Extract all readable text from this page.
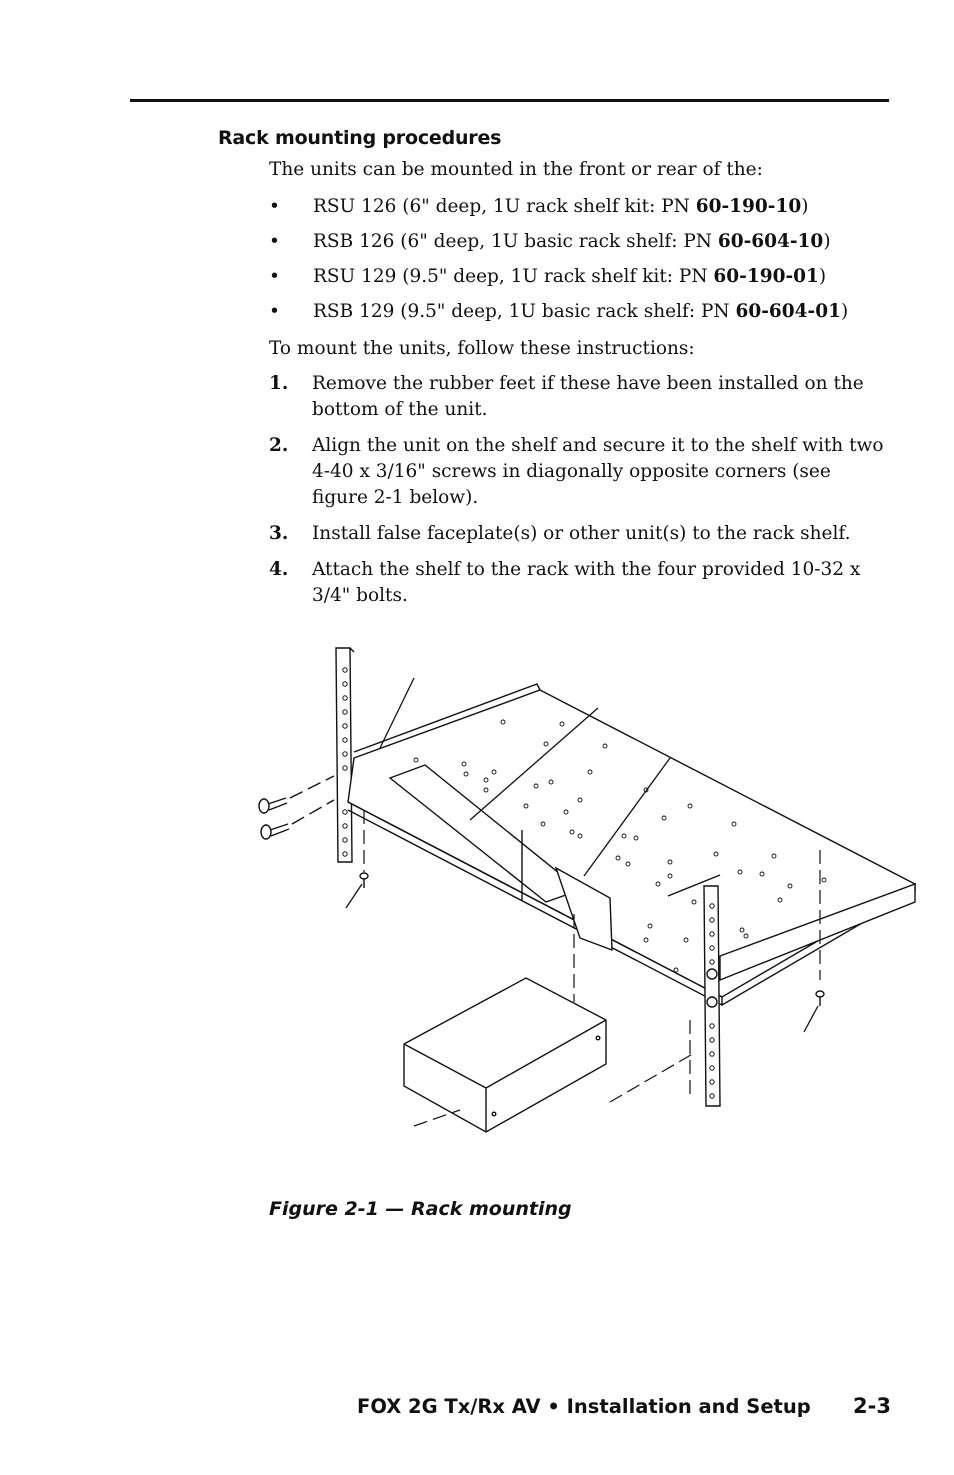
Rack mounting procedures

The units can be mounted in the front or rear of the:

• RSU 126 (6" deep, 1U rack shelf kit: PN 60-190-10)
• RSB 126 (6" deep, 1U basic rack shelf: PN 60-604-10)
• RSU 129 (9.5" deep, 1U rack shelf kit: PN 60-190-01)
• RSB 129 (9.5" deep, 1U basic rack shelf: PN 60-604-01)

To mount the units, follow these instructions:

1. Remove the rubber feet if these have been installed on the bottom of the unit.
2. Align the unit on the shelf and secure it to the shelf with two 4-40 x 3/16" screws in diagonally opposite corners (see figure 2-1 below).
3. Install false faceplate(s) or other unit(s) to the rack shelf.
4. Attach the shelf to the rack with the four provided 10-32 x 3/4" bolts.
Figure 2-1 — Rack mounting
FOX 2G Tx/Rx AV • Installation and Setup 2-3
